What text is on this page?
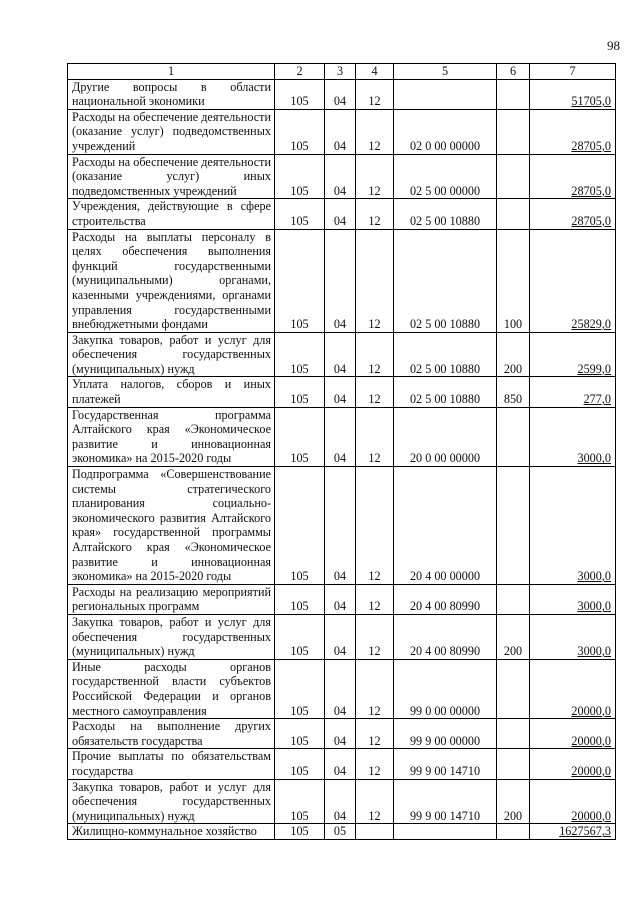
98
1	2	3	4	5	6	7
Другие вопросы в области национальной экономики	105	04	12			51705,0
Расходы на обеспечение деятельности (оказание услуг) подведомственных учреждений	105	04	12	02 0 00 00000		28705,0
Расходы на обеспечение деятельности (оказание услуг) иных подведомственных учреждений	105	04	12	02 5 00 00000		28705,0
Учреждения, действующие в сфере строительства	105	04	12	02 5 00 10880		28705,0
Расходы на выплаты персоналу в целях обеспечения выполнения функций государственными (муниципальными) органами, казенными учреждениями, органами управления государственными внебюджетными фондами	105	04	12	02 5 00 10880	100	25829,0
Закупка товаров, работ и услуг для обеспечения государственных (муниципальных) нужд	105	04	12	02 5 00 10880	200	2599,0
Уплата налогов, сборов и иных платежей	105	04	12	02 5 00 10880	850	277,0
Государственная программа Алтайского края «Экономическое развитие и инновационная экономика» на 2015-2020 годы	105	04	12	20 0 00 00000		3000,0
Подпрограмма «Совершенствование системы стратегического планирования социально-экономического развития Алтайского края» государственной программы Алтайского края «Экономическое развитие и инновационная экономика» на 2015-2020 годы	105	04	12	20 4 00 00000		3000,0
Расходы на реализацию мероприятий региональных программ	105	04	12	20 4 00 80990		3000,0
Закупка товаров, работ и услуг для обеспечения государственных (муниципальных) нужд	105	04	12	20 4 00 80990	200	3000,0
Иные расходы органов государственной власти субъектов Российской Федерации и органов местного самоуправления	105	04	12	99 0 00 00000		20000,0
Расходы на выполнение других обязательств государства	105	04	12	99 9 00 00000		20000,0
Прочие выплаты по обязательствам государства	105	04	12	99 9 00 14710		20000,0
Закупка товаров, работ и услуг для обеспечения государственных (муниципальных) нужд	105	04	12	99 9 00 14710	200	20000,0
Жилищно-коммунальное хозяйство	105	05				1627567,3
